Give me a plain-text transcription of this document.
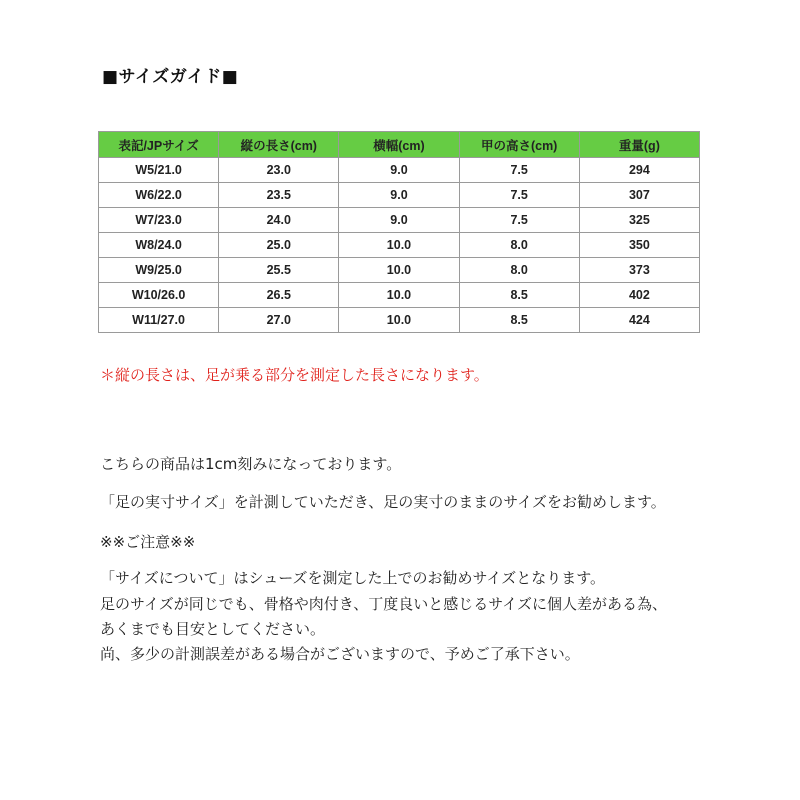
■サイズガイド■
表記/JPサイズ	縦の長さ(cm)	横幅(cm)	甲の高さ(cm)	重量(g)
W5/21.0	23.0	9.0	7.5	294
W6/22.0	23.5	9.0	7.5	307
W7/23.0	24.0	9.0	7.5	325
W8/24.0	25.0	10.0	8.0	350
W9/25.0	25.5	10.0	8.0	373
W10/26.0	26.5	10.0	8.5	402
W11/27.0	27.0	10.0	8.5	424
＊縦の長さは、足が乗る部分を測定した長さになります。
こちらの商品は1cm刻みになっております。
「足の実寸サイズ」を計測していただき、足の実寸のままのサイズをお勧めします。
※※ご注意※※
「サイズについて」はシューズを測定した上でのお勧めサイズとなります。
足のサイズが同じでも、骨格や肉付き、丁度良いと感じるサイズに個人差がある為、
あくまでも目安としてください。
尚、多少の計測誤差がある場合がございますので、予めご了承下さい。
